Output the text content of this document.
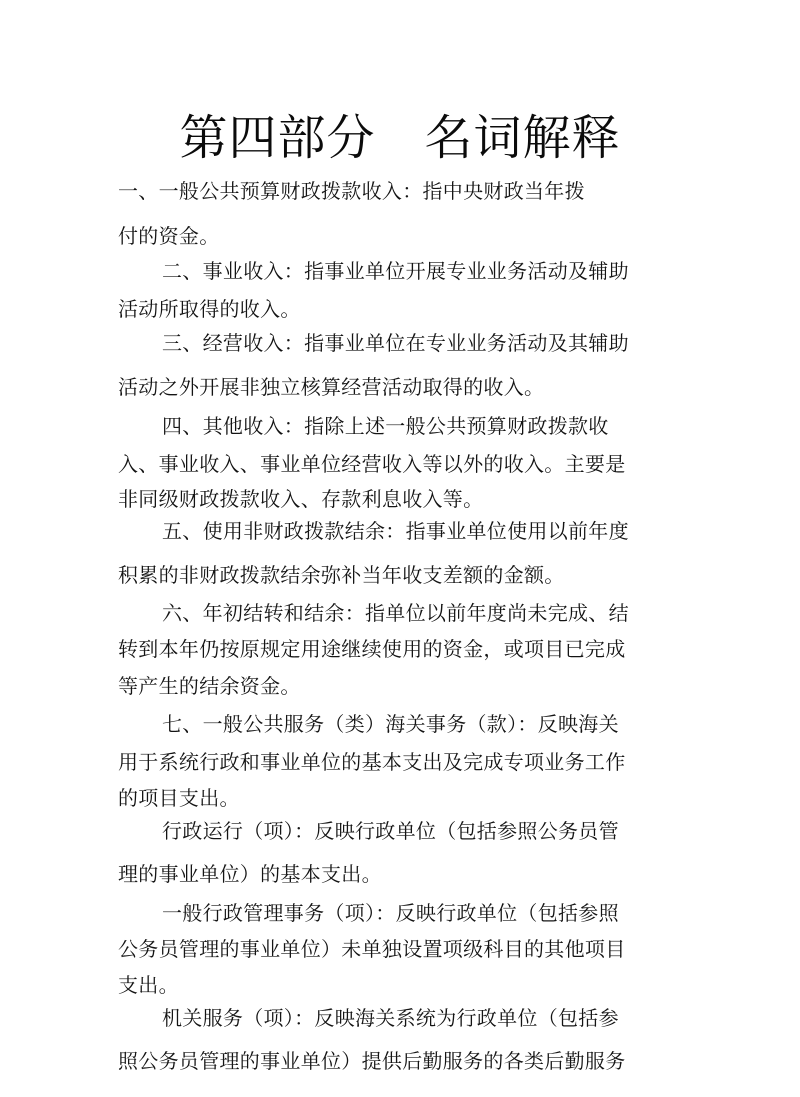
第四部分　名词解释
一、一般公共预算财政拨款收入：指中央财政当年拨
付的资金。
二、事业收入：指事业单位开展专业业务活动及辅助
活动所取得的收入。
三、经营收入：指事业单位在专业业务活动及其辅助
活动之外开展非独立核算经营活动取得的收入。
四、其他收入：指除上述一般公共预算财政拨款收
入、事业收入、事业单位经营收入等以外的收入。主要是
非同级财政拨款收入、存款利息收入等。
五、使用非财政拨款结余：指事业单位使用以前年度
积累的非财政拨款结余弥补当年收支差额的金额。
六、年初结转和结余：指单位以前年度尚未完成、结
转到本年仍按原规定用途继续使用的资金，或项目已完成
等产生的结余资金。
七、一般公共服务（类）海关事务（款）：反映海关
用于系统行政和事业单位的基本支出及完成专项业务工作
的项目支出。
行政运行（项）：反映行政单位（包括参照公务员管
理的事业单位）的基本支出。
一般行政管理事务（项）：反映行政单位（包括参照
公务员管理的事业单位）未单独设置项级科目的其他项目
支出。
机关服务（项）：反映海关系统为行政单位（包括参
照公务员管理的事业单位）提供后勤服务的各类后勤服务
